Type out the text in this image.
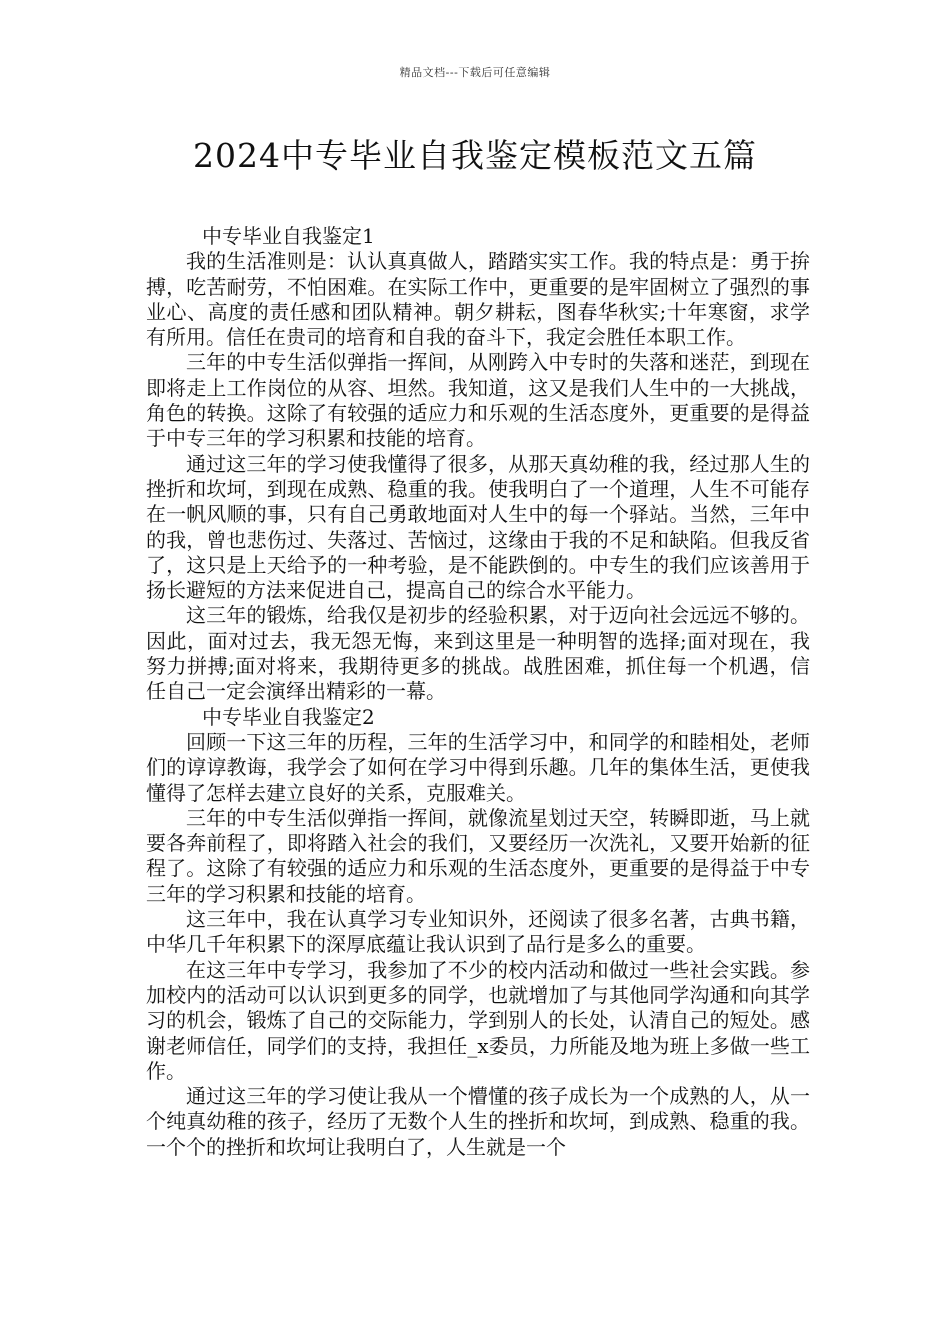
精品文档---下载后可任意编辑
2024中专毕业自我鉴定模板范文五篇

中专毕业自我鉴定1

我的生活准则是：认认真真做人，踏踏实实工作。我的特点是：勇于拚搏，吃苦耐劳，不怕困难。在实际工作中，更重要的是牢固树立了强烈的事业心、高度的责任感和团队精神。朝夕耕耘，图春华秋实;十年寒窗，求学有所用。信任在贵司的培育和自我的奋斗下，我定会胜任本职工作。

三年的中专生活似弹指一挥间，从刚跨入中专时的失落和迷茫，到现在即将走上工作岗位的从容、坦然。我知道，这又是我们人生中的一大挑战，角色的转换。这除了有较强的适应力和乐观的生活态度外，更重要的是得益于中专三年的学习积累和技能的培育。

通过这三年的学习使我懂得了很多，从那天真幼稚的我，经过那人生的挫折和坎坷，到现在成熟、稳重的我。使我明白了一个道理，人生不可能存在一帆风顺的事，只有自己勇敢地面对人生中的每一个驿站。当然，三年中的我，曾也悲伤过、失落过、苦恼过，这缘由于我的不足和缺陷。但我反省了，这只是上天给予的一种考验，是不能跌倒的。中专生的我们应该善用于扬长避短的方法来促进自己，提高自己的综合水平能力。

这三年的锻炼，给我仅是初步的经验积累，对于迈向社会远远不够的。因此，面对过去，我无怨无悔，来到这里是一种明智的选择;面对现在，我努力拼搏;面对将来，我期待更多的挑战。战胜困难，抓住每一个机遇，信任自己一定会演绎出精彩的一幕。

中专毕业自我鉴定2

回顾一下这三年的历程，三年的生活学习中，和同学的和睦相处，老师们的谆谆教诲，我学会了如何在学习中得到乐趣。几年的集体生活，更使我懂得了怎样去建立良好的关系，克服难关。

三年的中专生活似弹指一挥间，就像流星划过天空，转瞬即逝，马上就要各奔前程了，即将踏入社会的我们，又要经历一次洗礼，又要开始新的征程了。这除了有较强的适应力和乐观的生活态度外，更重要的是得益于中专三年的学习积累和技能的培育。

这三年中，我在认真学习专业知识外，还阅读了很多名著，古典书籍，中华几千年积累下的深厚底蕴让我认识到了品行是多么的重要。

在这三年中专学习，我参加了不少的校内活动和做过一些社会实践。参加校内的活动可以认识到更多的同学，也就增加了与其他同学沟通和向其学习的机会，锻炼了自己的交际能力，学到别人的长处，认清自己的短处。感谢老师信任，同学们的支持，我担任_x委员，力所能及地为班上多做一些工作。

通过这三年的学习使让我从一个懵懂的孩子成长为一个成熟的人，从一个纯真幼稚的孩子，经历了无数个人生的挫折和坎坷，到成熟、稳重的我。一个个的挫折和坎坷让我明白了，人生就是一个
